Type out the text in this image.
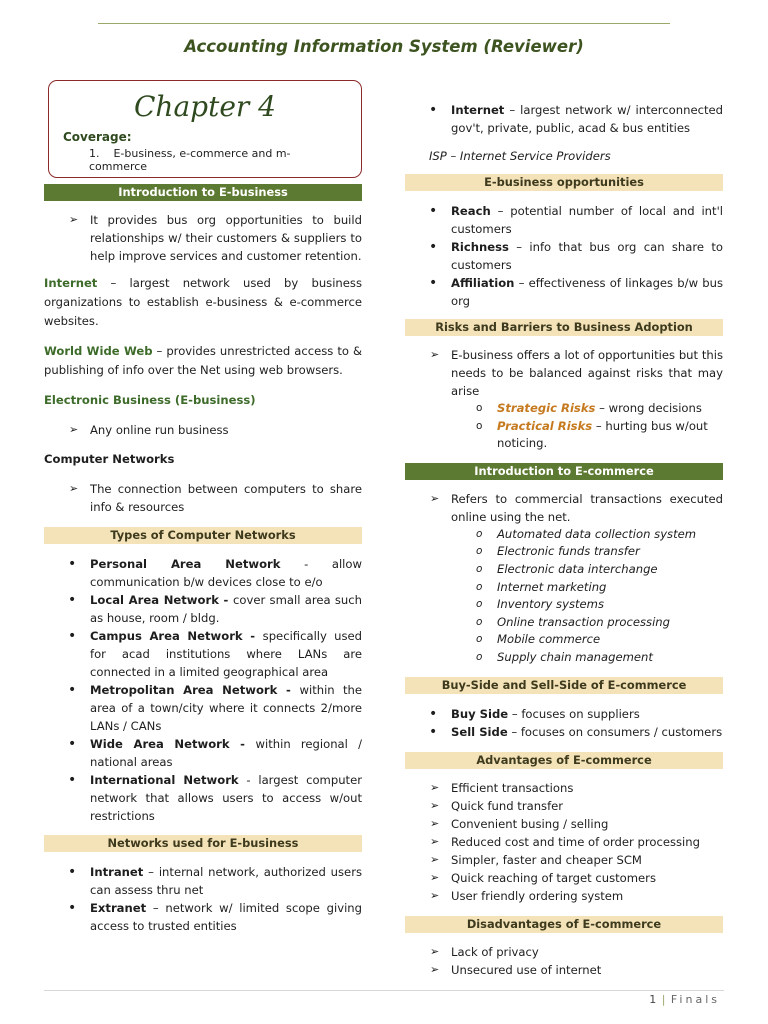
Accounting Information System (Reviewer)
Chapter 4
Coverage:
1.    E-business, e-commerce and m-commerce
Introduction to E-business
➢ It provides bus org opportunities to build relationships w/ their customers & suppliers to help improve services and customer retention.

Internet – largest network used by business organizations to establish e-business & e-commerce websites.

World Wide Web – provides unrestricted access to & publishing of info over the Net using web browsers.

Electronic Business (E-business)
➢ Any online run business
Computer Networks
➢ The connection between computers to share info & resources
Types of Computer Networks
• Personal Area Network - allow communication b/w devices close to e/o
• Local Area Network - cover small area such as house, room / bldg.
• Campus Area Network - specifically used for acad institutions where LANs are connected in a limited geographical area
• Metropolitan Area Network - within the area of a town/city where it connects 2/more LANs / CANs
• Wide Area Network - within regional / national areas
• International Network - largest computer network that allows users to access w/out restrictions
Networks used for E-business
• Intranet – internal network, authorized users can assess thru net
• Extranet – network w/ limited scope giving access to trusted entities
• Internet – largest network w/ interconnected gov't, private, public, acad & bus entities

ISP – Internet Service Providers

E-business opportunities
• Reach – potential number of local and int'l customers
• Richness – info that bus org can share to customers
• Affiliation – effectiveness of linkages b/w bus org
Risks and Barriers to Business Adoption
➢ E-business offers a lot of opportunities but this needs to be balanced against risks that may arise
o Strategic Risks – wrong decisions
o Practical Risks – hurting bus w/out noticing.
Introduction to E-commerce
➢ Refers to commercial transactions executed online using the net.
o Automated data collection system
o Electronic funds transfer
o Electronic data interchange
o Internet marketing
o Inventory systems
o Online transaction processing
o Mobile commerce
o Supply chain management
Buy-Side and Sell-Side of E-commerce
• Buy Side – focuses on suppliers
• Sell Side – focuses on consumers / customers
Advantages of E-commerce
➢ Efficient transactions
➢ Quick fund transfer
➢ Convenient busing / selling
➢ Reduced cost and time of order processing
➢ Simpler, faster and cheaper SCM
➢ Quick reaching of target customers
➢ User friendly ordering system
Disadvantages of E-commerce
➢ Lack of privacy
➢ Unsecured use of internet
1 | Finals
